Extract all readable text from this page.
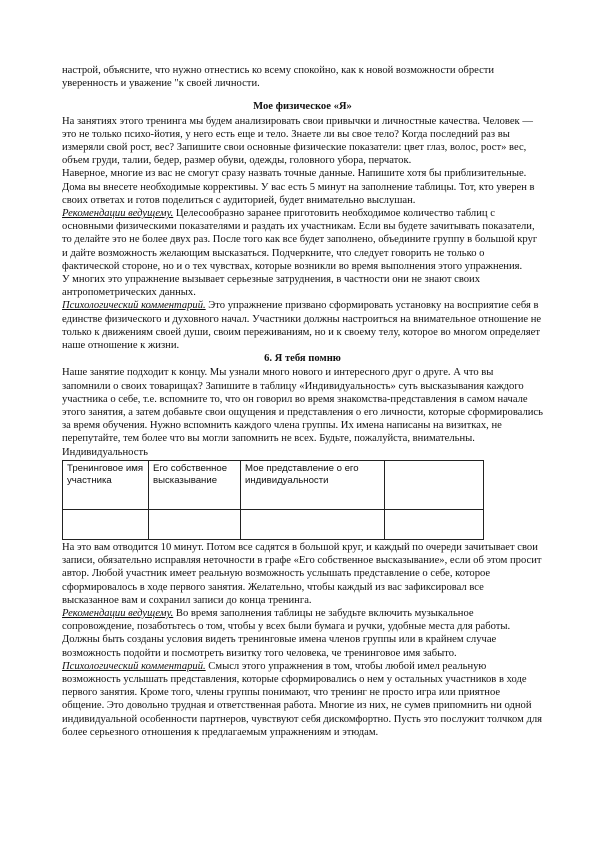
настрой, объясните, что нужно отнестись ко всему спокойно, как к новой возможности обрести уверенность и уважение "к своей личности.

Мое физическое «Я»

На занятиях этого тренинга мы будем анализировать свои привычки и личностные качества. Человек — это не только психо-йотия, у него есть еще и тело. Знаете ли вы свое тело? Когда последний раз вы измеряли свой рост, вес? Запишите свои основные физические показатели: цвет глаз, волос, рост» вес, объем груди, талии, бедер, размер обуви, одежды, головного убора, перчаток.

Наверное, многие из вас не смогут сразу назвать точные данные. Напишите хотя бы приблизительные. Дома вы внесете необходимые коррективы. У вас есть 5 минут на заполнение таблицы. Тот, кто уверен в своих ответах и готов поделиться с аудиторией, будет внимательно выслушан.

Рекомендации ведущему. Целесообразно заранее приготовить необходимое количество таблиц с основными физическими показателями и раздать их участникам. Если вы будете зачитывать показатели, то делайте это не более двух раз. После того как все будет заполнено, объедините группу в большой круг и дайте возможность желающим высказаться. Подчеркните, что следует говорить не только о фактической стороне, но и о тех чувствах, которые возникли во время выполнения этого упражнения.

У многих это упражнение вызывает серьезные затруднения, в частности они не знают своих антропометрических данных.

Психологический комментарий. Это упражнение призвано сформировать установку на восприятие себя в единстве физического и духовного начал. Участники должны настроиться на внимательное отношение не только к движениям своей души, своим переживаниям, но и к своему телу, которое во многом определяет наше отношение к жизни.

6. Я тебя помню

Наше занятие подходит к концу. Мы узнали много нового и интересного друг о друге. А что вы запомнили о своих товарищах? Запишите в таблицу «Индивидуальность» суть высказывания каждого участника о себе, т.е. вспомните то, что он говорил во время знакомства-представления в самом начале этого занятия, а затем добавьте свои ощущения и представления о его личности, которые сформировались за время обучения. Нужно вспомнить каждого члена группы. Их имена написаны на визитках, не перепутайте, тем более что вы могли запомнить не всех. Будьте, пожалуйста, внимательны. Индивидуальность

Тренинговое имя участника	Его собственное высказывание	Мое представление о его индивидуальности	

На это вам отводится 10 минут. Потом все садятся в большой круг, и каждый по очереди зачитывает свои записи, обязательно исправляя неточности в графе «Его собственное высказывание», если об этом просит автор. Любой участник имеет реальную возможность услышать представление о себе, которое сформировалось в ходе первого занятия. Желательно, чтобы каждый из вас зафиксировал все высказанное вам и сохранил записи до конца тренинга.

Рекомендации ведущему. Во время заполнения таблицы не забудьте включить музыкальное сопровождение, позаботьтесь о том, чтобы у всех были бумага и ручки, удобные места для работы. Должны быть созданы условия видеть тренинговые имена членов группы или в крайнем случае возможность подойти и посмотреть визитку того человека, че тренинговое имя забыто.

Психологический комментарий. Смысл этого упражнения в том, чтобы любой имел реальную возможность услышать представления, которые сформировались о нем у остальных участников в ходе первого занятия. Кроме того, члены группы понимают, что тренинг не просто игра или приятное общение. Это довольно трудная и ответственная работа. Многие из них, не сумев припомнить ни одной индивидуальной особенности партнеров, чувствуют себя дискомфортно. Пусть это послужит толчком для более серьезного отношения к предлагаемым упражнениям и этюдам.
